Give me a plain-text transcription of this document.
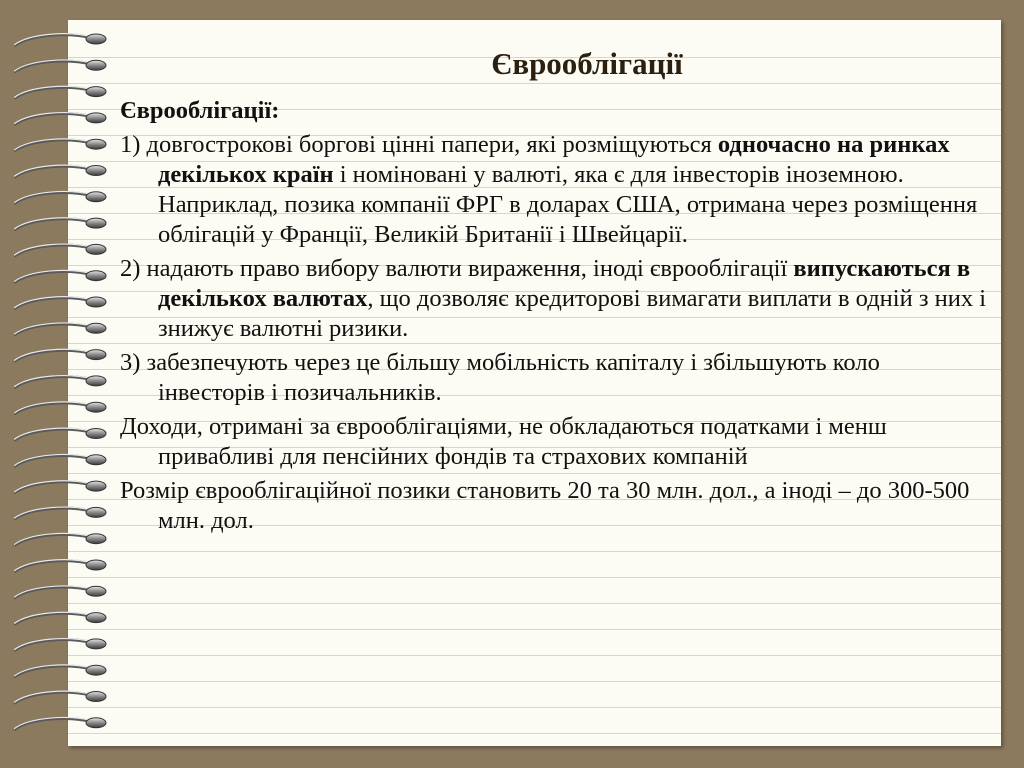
Єврооблігації

Єврооблігації:

1) довгострокові боргові цінні папери, які розміщуються одночасно на ринках декількох країн і номіновані у валюті, яка є для інвесторів іноземною. Наприклад, позика компанії ФРГ в доларах США, отримана через розміщення облігацій у Франції, Великій Британії і Швейцарії.

2) надають право вибору валюти вираження, іноді єврооблігації випускаються в декількох валютах, що дозволяє кредиторові вимагати виплати в одній з них і знижує валютні ризики.

3) забезпечують через це більшу мобільність капіталу і збільшують коло інвесторів і позичальників.

Доходи, отримані за єврооблігаціями, не обкладаються податками і менш привабливі для пенсійних фондів та страхових компаній

Розмір єврооблігаційної позики становить 20 та 30 млн. дол., а іноді – до 300-500 млн. дол.
